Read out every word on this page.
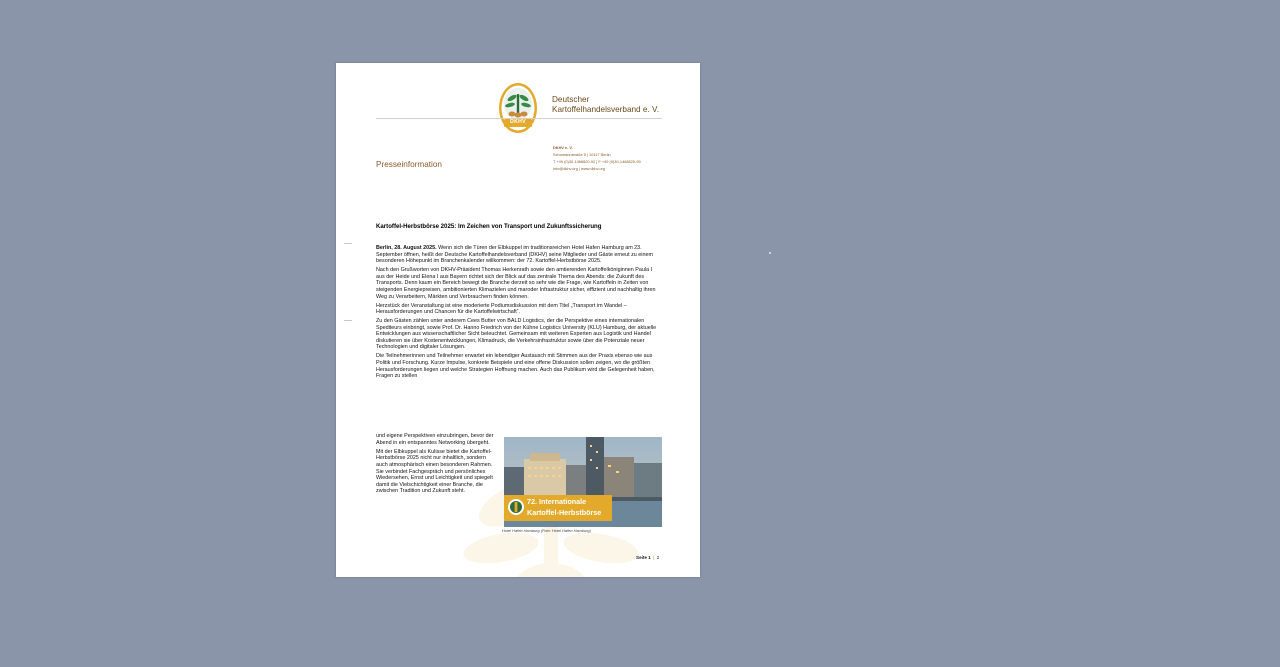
DKHV
Deutscher
Kartoffelhandelsverband e. V.
DKHV e. V.
Schumannstraße 5 | 10117 Berlin
T +49 (0)30-1468820-92 | F +49 (0)30-1468820-99
info@dkhv.org | www.dkhv.org
Presseinformation
Kartoffel-Herbstbörse 2025: Im Zeichen von Transport und Zukunftssicherung

Berlin, 28. August 2025. Wenn sich die Türen der Elbkuppel im traditionsreichen Hotel Hafen Hamburg am 23. September öffnen, heißt der Deutsche Kartoffelhandelsverband (DKHV) seine Mitglieder und Gäste erneut zu einem besonderen Höhepunkt im Branchenkalender willkommen: der 72. Kartoffel-Herbstbörse 2025.

Nach den Grußworten von DKHV-Präsident Thomas Herkenrath sowie den amtierenden Kartoffelköniginnen Paula I aus der Heide und Elena I aus Bayern richtet sich der Blick auf das zentrale Thema des Abends: die Zukunft des Transports. Denn kaum ein Bereich bewegt die Branche derzeit so sehr wie die Frage, wie Kartoffeln in Zeiten von steigenden Energiepreisen, ambitionierten Klimazielen und maroder Infrastruktur sicher, effizient und nachhaltig ihren Weg zu Verarbeitern, Märkten und Verbrauchern finden können.

Herzstück der Veranstaltung ist eine moderierte Podiumsdiskussion mit dem Titel „Transport im Wandel – Herausforderungen und Chancen für die Kartoffelwirtschaft“.

Zu den Gästen zählen unter anderem Cees Butter von BALD Logistics, der die Perspektive eines internationalen Spediteurs einbringt, sowie Prof. Dr. Hanno Friedrich von der Kühne Logistics University (KLU) Hamburg, der aktuelle Entwicklungen aus wissenschaftlicher Sicht beleuchtet. Gemeinsam mit weiteren Experten aus Logistik und Handel diskutieren sie über Kostenentwicklungen, Klimadruck, die Verkehrsinfrastruktur sowie über die Potenziale neuer Technologien und digitaler Lösungen.

Die Teilnehmerinnen und Teilnehmer erwartet ein lebendiger Austausch mit Stimmen aus der Praxis ebenso wie aus Politik und Forschung. Kurze Impulse, konkrete Beispiele und eine offene Diskussion sollen zeigen, wo die größten Herausforderungen liegen und welche Strategien Hoffnung machen. Auch das Publikum wird die Gelegenheit haben, Fragen zu stellen

und eigene Perspektiven einzubringen, bevor der Abend in ein entspanntes Networking übergeht.

Mit der Elbkuppel als Kulisse bietet die Kartoffel-Herbstbörse 2025 nicht nur inhaltlich, sondern auch atmosphärisch einen besonderen Rahmen. Sie verbindet Fachgespräch und persönliches Wiedersehen, Ernst und Leichtigkeit und spiegelt damit die Vielschichtigkeit einer Branche, die zwischen Tradition und Zukunft steht.

72. Internationale
Kartoffel-Herbstbörse
Hotel Hafen Hamburg (Foto: Hotel Hafen Hamburg)
Seite 1 | 2
